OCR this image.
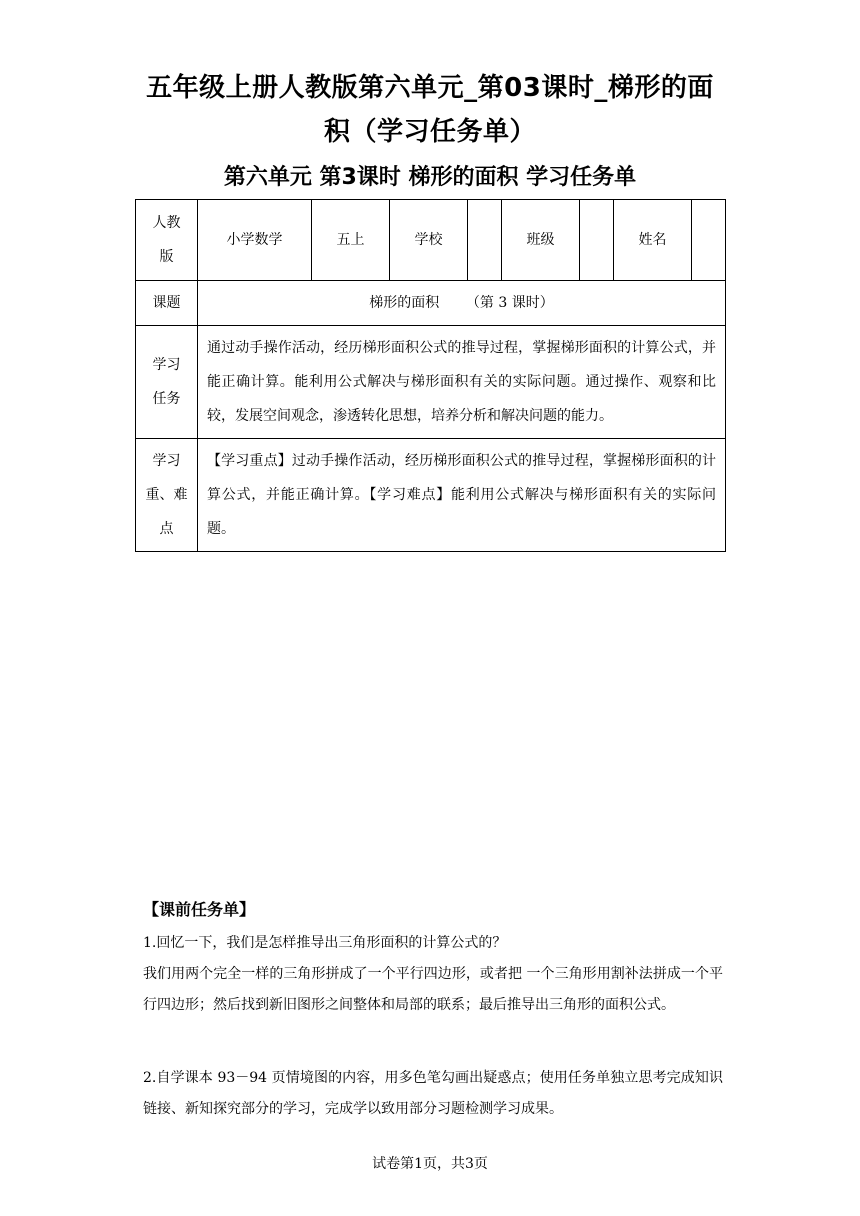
五年级上册人教版第六单元_第03课时_梯形的面
积（学习任务单）
第六单元 第3课时 梯形的面积 学习任务单
人教
版	小学数学	五上	学校		班级		姓名	
课题	梯形的面积      （第 3 课时）							

学习
任务	通过动手操作活动，经历梯形面积公式的推导过程，掌握梯形面积的计算公式，并能正确计算。能利用公式解决与梯形面积有关的实际问题。通过操作、观察和比较，发展空间观念，渗透转化思想，培养分析和解决问题的能力。							

学习
重、难
点	【学习重点】过动手操作活动，经历梯形面积公式的推导过程，掌握梯形面积的计算公式，并能正确计算。【学习难点】能利用公式解决与梯形面积有关的实际问题。							
【课前任务单】
1.回忆一下，我们是怎样推导出三角形面积的计算公式的？
我们用两个完全一样的三角形拼成了一个平行四边形，或者把 一个三角形用割补法拼成一个平行四边形；然后找到新旧图形之间整体和局部的联系；最后推导出三角形的面积公式。
2.自学课本 93－94 页情境图的内容，用多色笔勾画出疑惑点；使用任务单独立思考完成知识链接、新知探究部分的学习，完成学以致用部分习题检测学习成果。
试卷第1页，共3页
